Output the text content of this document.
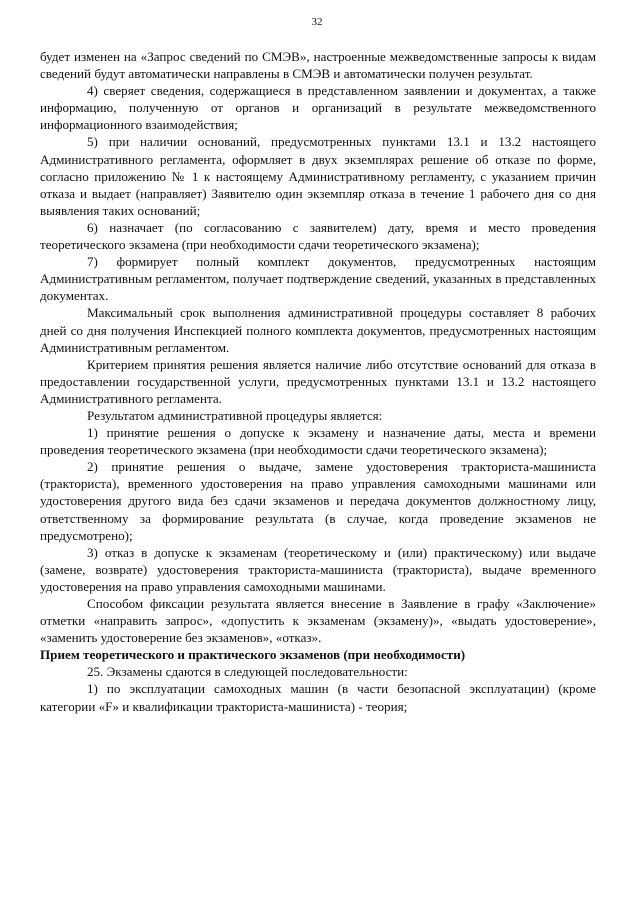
32

будет изменен на «Запрос сведений по СМЭВ», настроенные межведомственные запросы к видам сведений будут автоматически направлены в СМЭВ и автоматически получен результат.

4) сверяет сведения, содержащиеся в представленном заявлении и документах, а также информацию, полученную от органов и организаций в результате межведомственного информационного взаимодействия;

5) при наличии оснований, предусмотренных пунктами 13.1 и 13.2 настоящего Административного регламента, оформляет в двух экземплярах решение об отказе по форме, согласно приложению № 1 к настоящему Административному регламенту, с указанием причин отказа и выдает (направляет) Заявителю один экземпляр отказа в течение 1 рабочего дня со дня выявления таких оснований;

6) назначает (по согласованию с заявителем) дату, время и место проведения теоретического экзамена (при необходимости сдачи теоретического экзамена);

7) формирует полный комплект документов, предусмотренных настоящим Административным регламентом, получает подтверждение сведений, указанных в представленных документах.

Максимальный срок выполнения административной процедуры составляет 8 рабочих дней со дня получения Инспекцией полного комплекта документов, предусмотренных настоящим Административным регламентом.

Критерием принятия решения является наличие либо отсутствие оснований для отказа в предоставлении государственной услуги, предусмотренных пунктами 13.1 и 13.2 настоящего Административного регламента.

Результатом административной процедуры является:

1) принятие решения о допуске к экзамену и назначение даты, места и времени проведения теоретического экзамена (при необходимости сдачи теоретического экзамена);

2) принятие решения о выдаче, замене удостоверения тракториста-машиниста (тракториста), временного удостоверения на право управления самоходными машинами или удостоверения другого вида без сдачи экзаменов и передача документов должностному лицу, ответственному за формирование результата (в случае, когда проведение экзаменов не предусмотрено);

3) отказ в допуске к экзаменам (теоретическому и (или) практическому) или выдаче (замене, возврате) удостоверения тракториста-машиниста (тракториста), выдаче временного удостоверения на право управления самоходными машинами.

Способом фиксации результата является внесение в Заявление в графу «Заключение» отметки «направить запрос», «допустить к экзаменам (экзамену)», «выдать удостоверение», «заменить удостоверение без экзаменов», «отказ».

Прием теоретического и практического экзаменов (при необходимости)

25. Экзамены сдаются в следующей последовательности:

1) по эксплуатации самоходных машин (в части безопасной эксплуатации) (кроме категории «F» и квалификации тракториста-машиниста) - теория;
